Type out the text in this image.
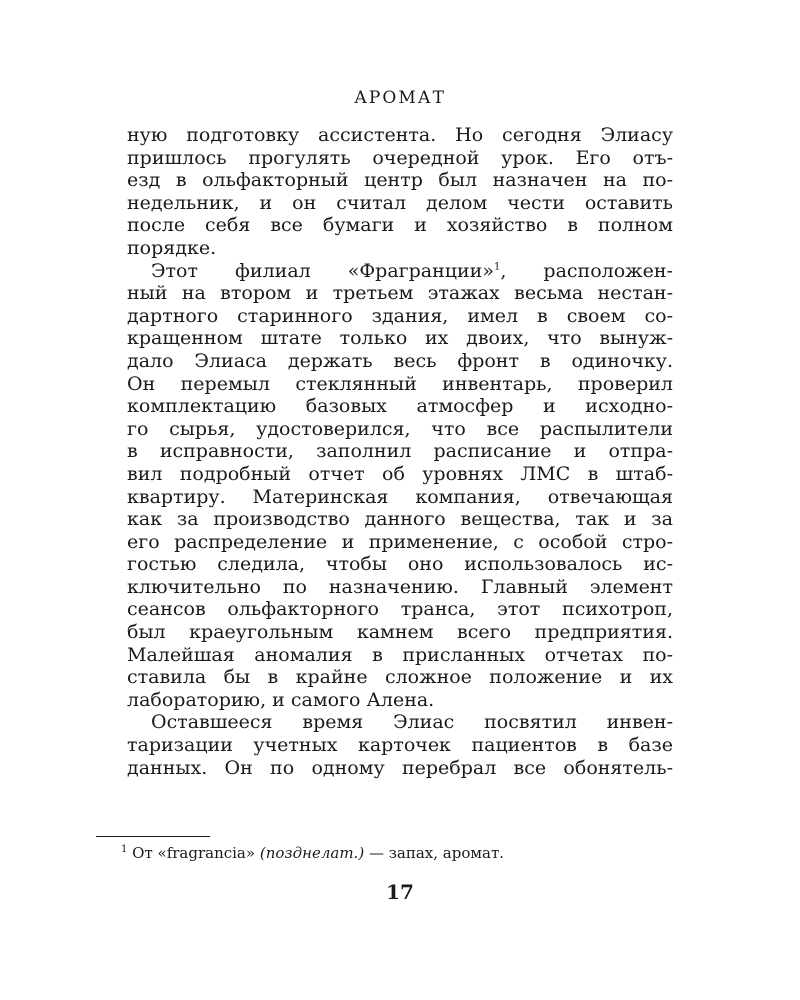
АРОМАТ
ную подготовку ассистента. Но сегодня Элиасу
пришлось прогулять очередной урок. Его отъ-
езд в ольфакторный центр был назначен на по-
недельник, и он считал делом чести оставить
после себя все бумаги и хозяйство в полном
порядке.
Этот филиал «Фрагранции»$^1$, расположен-
ный на втором и третьем этажах весьма нестан-
дартного старинного здания, имел в своем со-
кращенном штате только их двоих, что вынуж-
дало Элиаса держать весь фронт в одиночку.
Он перемыл стеклянный инвентарь, проверил
комплектацию базовых атмосфер и исходно-
го сырья, удостоверился, что все распылители
в исправности, заполнил расписание и отпра-
вил подробный отчет об уровнях ЛМС в штаб-
квартиру. Материнская компания, отвечающая
как за производство данного вещества, так и за
его распределение и применение, с особой стро-
гостью следила, чтобы оно использовалось ис-
ключительно по назначению. Главный элемент
сеансов ольфакторного транса, этот психотроп,
был краеугольным камнем всего предприятия.
Малейшая аномалия в присланных отчетах по-
ставила бы в крайне сложное положение и их
лабораторию, и самого Алена.
Оставшееся время Элиас посвятил инвен-
таризации учетных карточек пациентов в базе
данных. Он по одному перебрал все обонятель-
$^1$ От «fragrancia» (позднелат.) — запах, аромат.
17
